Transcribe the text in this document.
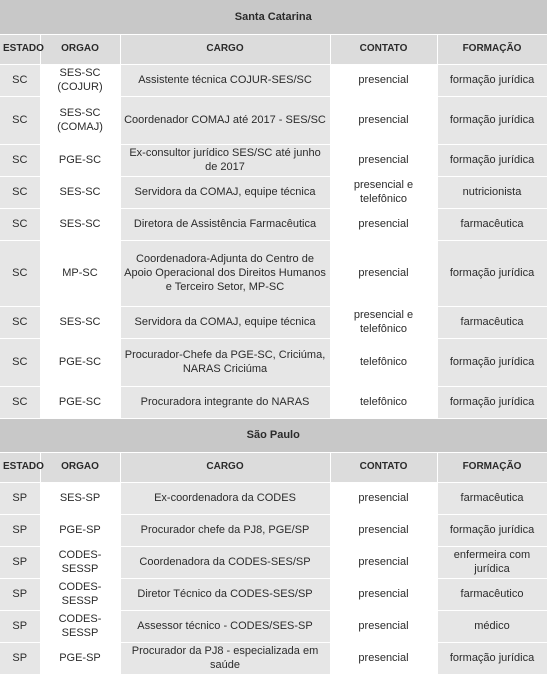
Santa Catarina				
ESTADO	ORGAO	CARGO	CONTATO	FORMAÇÃO
SC	SES-SC (COJUR)	Assistente técnica COJUR-SES/SC	presencial	formação jurídica
SC	SES-SC (COMAJ)	Coordenador COMAJ até 2017 - SES/SC	presencial	formação jurídica
SC	PGE-SC	Ex-consultor jurídico SES/SC até junho de 2017	presencial	formação jurídica
SC	SES-SC	Servidora da COMAJ, equipe técnica	presencial e telefônico	nutricionista
SC	SES-SC	Diretora de Assistência Farmacêutica	presencial	farmacêutica
SC	MP-SC	Coordenadora-Adjunta do Centro de Apoio Operacional dos Direitos Humanos e Terceiro Setor, MP-SC	presencial	formação jurídica
SC	SES-SC	Servidora da COMAJ, equipe técnica	presencial e telefônico	farmacêutica
SC	PGE-SC	Procurador-Chefe da PGE-SC, Criciúma, NARAS Criciúma	telefônico	formação jurídica
SC	PGE-SC	Procuradora integrante do NARAS	telefônico	formação jurídica
São Paulo				
ESTADO	ORGAO	CARGO	CONTATO	FORMAÇÃO
SP	SES-SP	Ex-coordenadora da CODES	presencial	farmacêutica
SP	PGE-SP	Procurador chefe da PJ8, PGE/SP	presencial	formação jurídica
SP	CODES-SESSP	Coordenadora da CODES-SES/SP	presencial	enfermeira com jurídica
SP	CODES-SESSP	Diretor Técnico da CODES-SES/SP	presencial	farmacêutico
SP	CODES-SESSP	Assessor técnico - CODES/SES-SP	presencial	médico
SP	PGE-SP	Procurador da PJ8 - especializada em saúde	presencial	formação jurídica
